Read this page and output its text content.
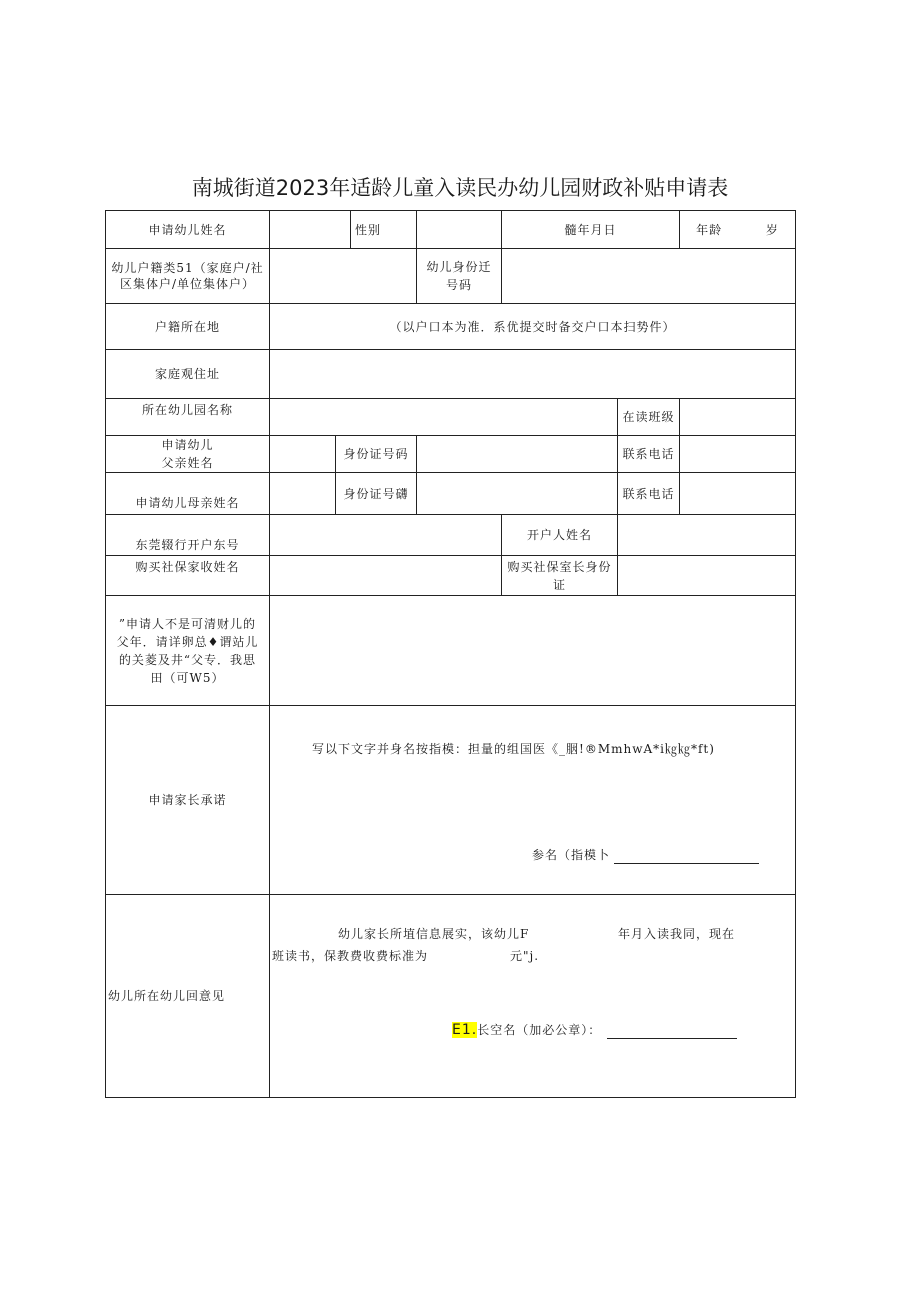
南城街道2023年适龄儿童入读民办幼儿园财政补贴申请表
申请幼儿姓名			性别		髓年月日		年龄 岁
幼儿户籍类51（家庭户/社区集体户/单位集体户）				幼儿身份迁号码			
户籍所在地	（以户口本为准．系优提交时备交户口本扫势件）						
家庭观住址							
所在幼儿园名称						在读班级	
申请幼儿父亲姓名		身份证号码				联系电话	
申请幼儿母亲姓名		身份证号礴				联系电话	
东莞辍行开户东号					开户人姓名		
购买社保家收姓名					购买社保室长身份证		
”申请人不是可清财儿的父年．请详卵总♦谓站儿的关菱及井“父专．我思田（可W5）							
申请家长承诺	写以下文字并身名按指模：担量的组国医《_胭!®MmhwA*i㎏㎏*ft)
参名（指模卜						

幼儿所在幼儿回意见	幼儿家长所埴信息展实，该幼儿F 年月入读我同，现在
班读书，保教费收费标准为 元"j.
E1.长空名（加必公章）：						
